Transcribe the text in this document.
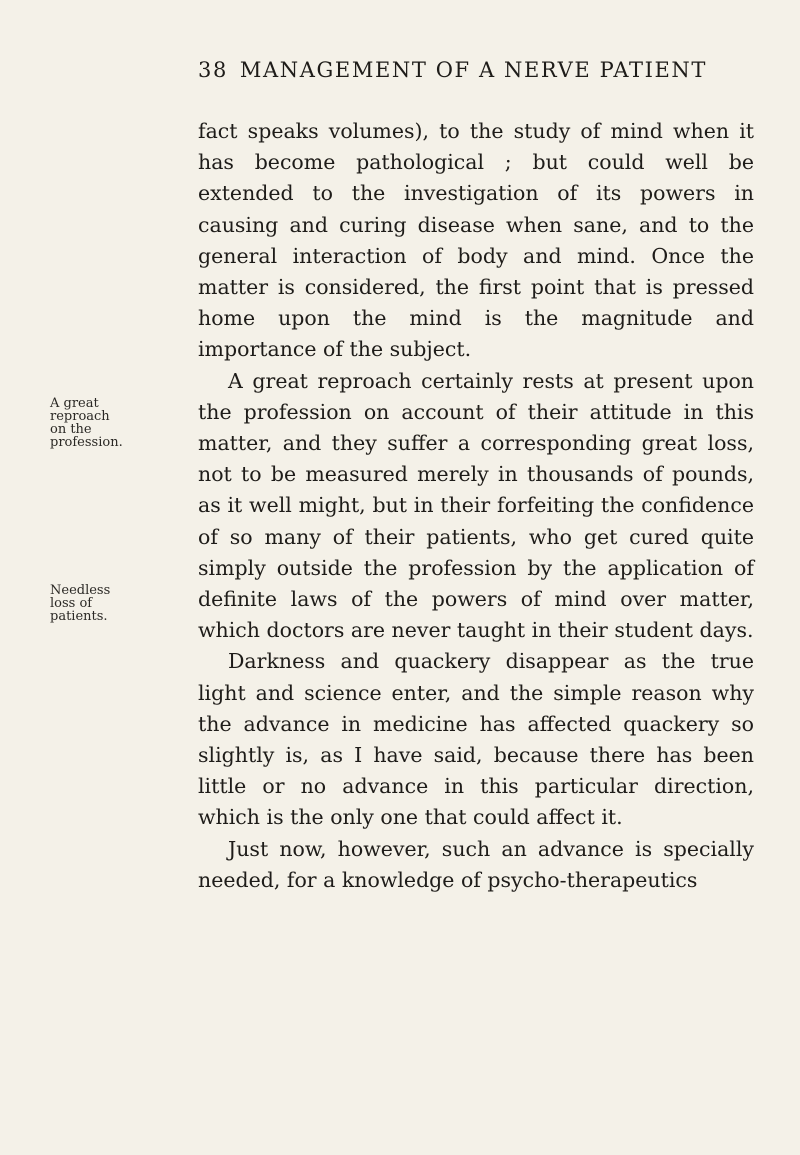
38 MANAGEMENT OF A NERVE PATIENT
A great
reproach
on the
profession.
Needless
loss of
patients.

fact speaks volumes), to the study of mind when it has become pathological ; but could well be extended to the investigation of its powers in causing and curing disease when sane, and to the general interaction of body and mind. Once the matter is considered, the first point that is pressed home upon the mind is the magnitude and importance of the subject.

A great reproach certainly rests at present upon the profession on account of their attitude in this matter, and they suffer a corresponding great loss, not to be measured merely in thousands of pounds, as it well might, but in their forfeiting the confidence of so many of their patients, who get cured quite simply outside the profession by the application of definite laws of the powers of mind over matter, which doctors are never taught in their student days.

Darkness and quackery disappear as the true light and science enter, and the simple reason why the advance in medicine has affected quackery so slightly is, as I have said, because there has been little or no advance in this particular direction, which is the only one that could affect it.

Just now, however, such an advance is specially needed, for a knowledge of psycho-therapeutics
